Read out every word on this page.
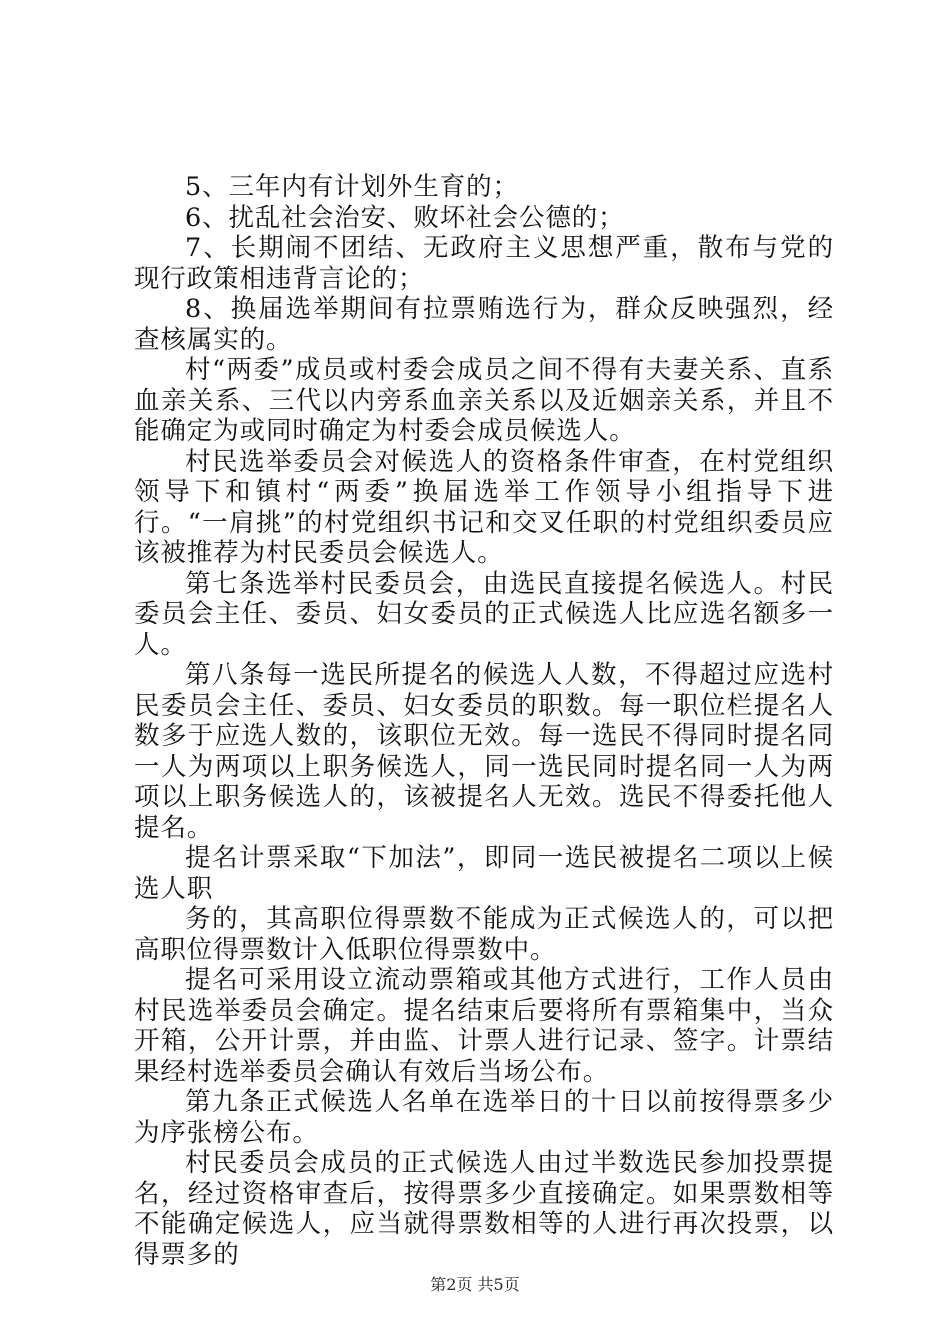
5、三年内有计划外生育的；

6、扰乱社会治安、败坏社会公德的；

7、长期闹不团结、无政府主义思想严重，散布与党的现行政策相违背言论的；

8、换届选举期间有拉票贿选行为，群众反映强烈，经查核属实的。

村“两委”成员或村委会成员之间不得有夫妻关系、直系血亲关系、三代以内旁系血亲关系以及近姻亲关系，并且不能确定为或同时确定为村委会成员候选人。

村民选举委员会对候选人的资格条件审查，在村党组织领导下和镇村“两委”换届选举工作领导小组指导下进行。“一肩挑”的村党组织书记和交叉任职的村党组织委员应该被推荐为村民委员会候选人。

第七条选举村民委员会，由选民直接提名候选人。村民委员会主任、委员、妇女委员的正式候选人比应选名额多一人。

第八条每一选民所提名的候选人人数，不得超过应选村民委员会主任、委员、妇女委员的职数。每一职位栏提名人数多于应选人数的，该职位无效。每一选民不得同时提名同一人为两项以上职务候选人，同一选民同时提名同一人为两项以上职务候选人的，该被提名人无效。选民不得委托他人提名。

提名计票采取“下加法”，即同一选民被提名二项以上候选人职

务的，其高职位得票数不能成为正式候选人的，可以把高职位得票数计入低职位得票数中。

提名可采用设立流动票箱或其他方式进行，工作人员由村民选举委员会确定。提名结束后要将所有票箱集中，当众开箱，公开计票，并由监、计票人进行记录、签字。计票结果经村选举委员会确认有效后当场公布。

第九条正式候选人名单在选举日的十日以前按得票多少为序张榜公布。

村民委员会成员的正式候选人由过半数选民参加投票提名，经过资格审查后，按得票多少直接确定。如果票数相等不能确定候选人，应当就得票数相等的人进行再次投票，以得票多的

第2页 共5页
